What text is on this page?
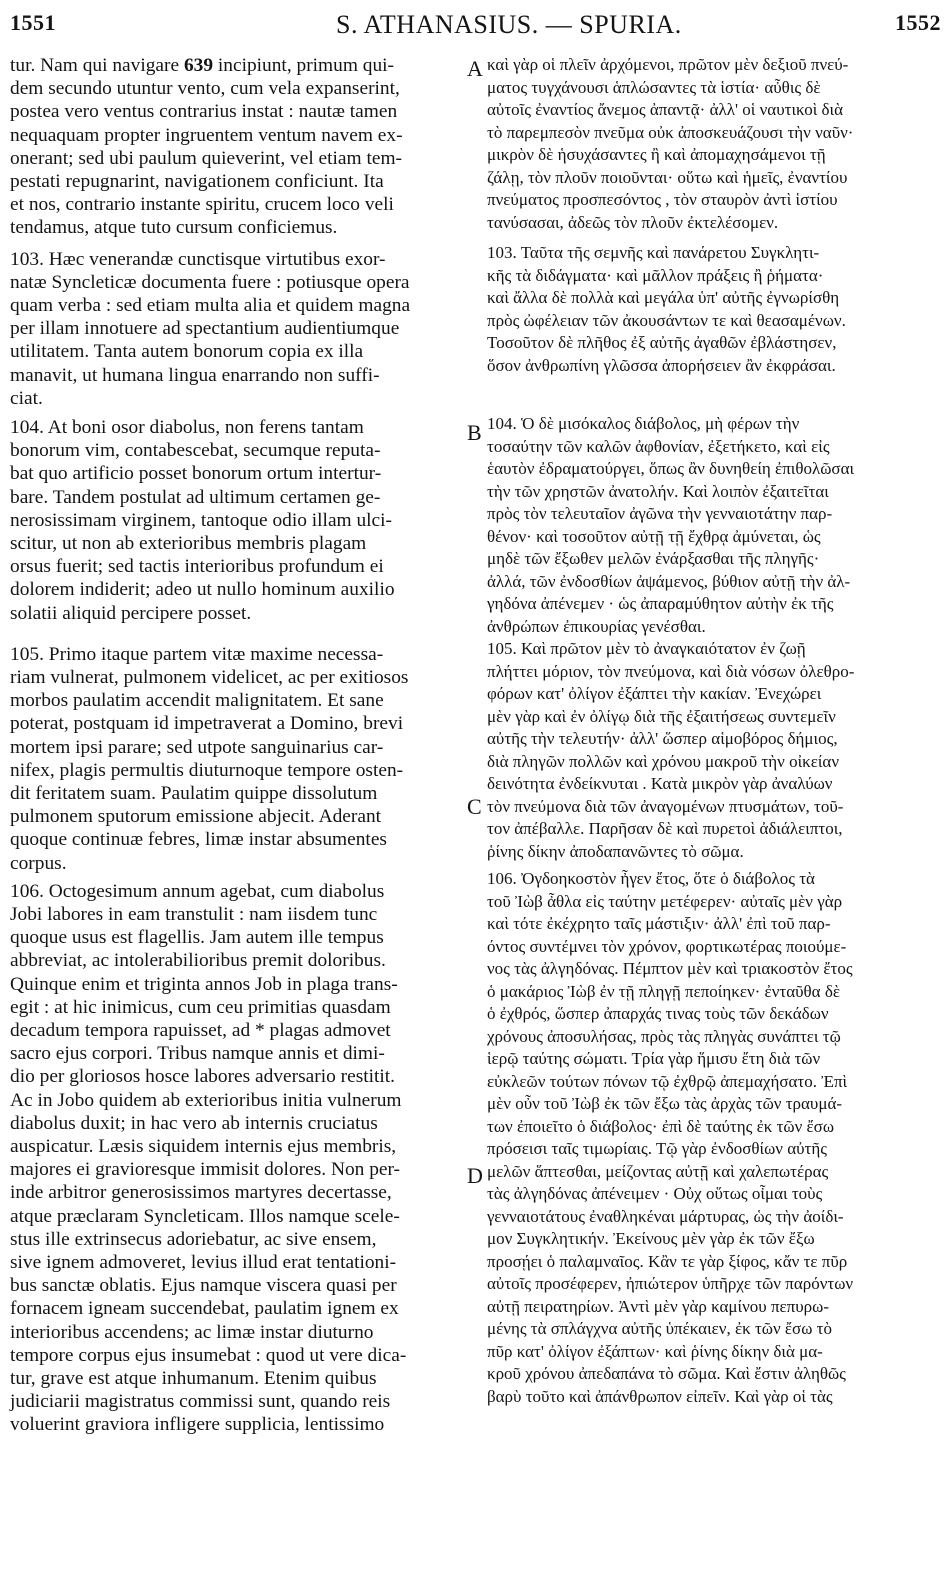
1551	S. ATHANASIUS. — SPURIA.	1552
A
B
C
D
tur. Nam qui navigare 639 incipiunt, primum qui-
dem secundo utuntur vento, cum vela expanserint,
postea vero ventus contrarius instat : nautæ tamen
nequaquam propter ingruentem ventum navem ex-
onerant; sed ubi paulum quieverint, vel etiam tem-
pestati repugnarint, navigationem conficiunt. Ita
et nos, contrario instante spiritu, crucem loco veli
tendamus, atque tuto cursum conficiemus.
103. Hæc venerandæ cunctisque virtutibus exor-
natæ Syncleticæ documenta fuere : potiusque opera
quam verba : sed etiam multa alia et quidem magna
per illam innotuere ad spectantium audientiumque
utilitatem. Tanta autem bonorum copia ex illa
manavit, ut humana lingua enarrando non suffi-
ciat.
104. At boni osor diabolus, non ferens tantam
bonorum vim, contabescebat, secumque reputa-
bat quo artificio posset bonorum ortum intertur-
bare. Tandem postulat ad ultimum certamen ge-
nerosissimam virginem, tantoque odio illam ulci-
scitur, ut non ab exterioribus membris plagam
orsus fuerit; sed tactis interioribus profundum ei
dolorem indiderit; adeo ut nullo hominum auxilio
solatii aliquid percipere posset.
105. Primo itaque partem vitæ maxime necessa-
riam vulnerat, pulmonem videlicet, ac per exitiosos
morbos paulatim accendit malignitatem. Et sane
poterat, postquam id impetraverat a Domino, brevi
mortem ipsi parare; sed utpote sanguinarius car-
nifex, plagis permultis diuturnoque tempore osten-
dit feritatem suam. Paulatim quippe dissolutum
pulmonem sputorum emissione abjecit. Aderant
quoque continuæ febres, limæ instar absumentes
corpus.
106. Octogesimum annum agebat, cum diabolus
Jobi labores in eam transtulit : nam iisdem tunc
quoque usus est flagellis. Jam autem ille tempus
abbreviat, ac intolerabilioribus premit doloribus.
Quinque enim et triginta annos Job in plaga trans-
egit : at hic inimicus, cum ceu primitias quasdam
decadum tempora rapuisset, ad * plagas admovet
sacro ejus corpori. Tribus namque annis et dimi-
dio per gloriosos hosce labores adversario restitit.
Ac in Jobo quidem ab exterioribus initia vulnerum
diabolus duxit; in hac vero ab internis cruciatus
auspicatur. Læsis siquidem internis ejus membris,
majores ei gravioresque immisit dolores. Non per-
inde arbitror generosissimos martyres decertasse,
atque præclaram Syncleticam. Illos namque scele-
stus ille extrinsecus adoriebatur, ac sive ensem,
sive ignem admoveret, levius illud erat tentationi-
bus sanctæ oblatis. Ejus namque viscera quasi per
fornacem igneam succendebat, paulatim ignem ex
interioribus accendens; ac limæ instar diuturno
tempore corpus ejus insumebat : quod ut vere dica-
tur, grave est atque inhumanum. Etenim quibus
judiciarii magistratus commissi sunt, quando reis
voluerint graviora infligere supplicia, lentissimo
καὶ γὰρ οἱ πλεῖν ἀρχόμενοι, πρῶτον μὲν δεξιοῦ πνεύ-
ματος τυγχάνουσι ἁπλώσαντες τὰ ἱστία· αὖθις δὲ
αὐτοῖς ἐναντίος ἄνεμος ἀπαντᾷ· ἀλλ' οἱ ναυτικοὶ διὰ
τὸ παρεμπεσὸν πνεῦμα οὐκ ἀποσκευάζουσι τὴν ναῦν·
μικρὸν δὲ ἡσυχάσαντες ἢ καὶ ἀπομαχησάμενοι τῇ
ζάλῃ, τὸν πλοῦν ποιοῦνται· οὕτω καὶ ἡμεῖς, ἐναντίου
πνεύματος προσπεσόντος , τὸν σταυρὸν ἀντὶ ἱστίου
τανύσασαι, ἀδεῶς τὸν πλοῦν ἐκτελέσομεν.
103. Ταῦτα τῆς σεμνῆς καὶ πανάρετου Συγκλητι-
κῆς τὰ διδάγματα· καὶ μᾶλλον πράξεις ἢ ῥήματα·
καὶ ἄλλα δὲ πολλὰ καὶ μεγάλα ὑπ' αὐτῆς ἐγνωρίσθη
πρὸς ὠφέλειαν τῶν ἀκουσάντων τε καὶ θεασαμένων.
Τοσοῦτον δὲ πλῆθος ἐξ αὐτῆς ἀγαθῶν ἐβλάστησεν,
ὅσον ἀνθρωπίνη γλῶσσα ἀπορήσειεν ἂν ἐκφράσαι.
104. Ὁ δὲ μισόκαλος διάβολος, μὴ φέρων τὴν
τοσαύτην τῶν καλῶν ἀφθονίαν, ἐξετήκετο, καὶ εἰς
ἑαυτὸν ἐδραματούργει, ὅπως ἂν δυνηθείη ἐπιθολῶσαι
τὴν τῶν χρηστῶν ἀνατολήν. Καὶ λοιπὸν ἐξαιτεῖται
πρὸς τὸν τελευταῖον ἀγῶνα τὴν γενναιοτάτην παρ-
θένον· καὶ τοσοῦτον αὐτῇ τῇ ἔχθρᾳ ἀμύνεται, ὡς
μηδὲ τῶν ἔξωθεν μελῶν ἐνάρξασθαι τῆς πληγῆς·
ἀλλά, τῶν ἐνδοσθίων ἀψάμενος, βύθιον αὐτῇ τὴν ἀλ-
γηδόνα ἀπένεμεν · ὡς ἀπαραμύθητον αὐτὴν ἐκ τῆς
ἀνθρώπων ἐπικουρίας γενέσθαι.
105. Καὶ πρῶτον μὲν τὸ ἀναγκαιότατον ἐν ζωῇ
πλήττει μόριον, τὸν πνεύμονα, καὶ διὰ νόσων ὀλεθρο-
φόρων κατ' ὀλίγον ἐξάπτει τὴν κακίαν. Ἐνεχώρει
μὲν γὰρ καὶ ἐν ὀλίγῳ διὰ τῆς ἐξαιτήσεως συντεμεῖν
αὐτῆς τὴν τελευτήν· ἀλλ' ὥσπερ αἱμοβόρος δήμιος,
διὰ πληγῶν πολλῶν καὶ χρόνου μακροῦ τὴν οἰκείαν
δεινότητα ἐνδείκνυται . Κατὰ μικρὸν γὰρ ἀναλύων
τὸν πνεύμονα διὰ τῶν ἀναγομένων πτυσμάτων, τοῦ-
τον ἀπέβαλλε. Παρῆσαν δὲ καὶ πυρετοὶ ἀδιάλειπτοι,
ῥίνης δίκην ἀποδαπανῶντες τὸ σῶμα.
106. Ὀγδοηκοστὸν ἦγεν ἔτος, ὅτε ὁ διάβολος τὰ
τοῦ Ἰὼβ ἆθλα εἰς ταύτην μετέφερεν· αὐταῖς μὲν γὰρ
καὶ τότε ἐκέχρητο ταῖς μάστιξιν· ἀλλ' ἐπὶ τοῦ παρ-
όντος συντέμνει τὸν χρόνον, φορτικωτέρας ποιούμε-
νος τὰς ἀλγηδόνας. Πέμπτον μὲν καὶ τριακοστὸν ἔτος
ὁ μακάριος Ἰὼβ ἐν τῇ πληγῇ πεποίηκεν· ἐνταῦθα δὲ
ὁ ἐχθρός, ὥσπερ ἀπαρχάς τινας τοὺς τῶν δεκάδων
χρόνους ἀποσυλήσας, πρὸς τὰς πληγὰς συνάπτει τῷ
ἱερῷ ταύτης σώματι. Τρία γὰρ ἥμισυ ἔτη διὰ τῶν
εὐκλεῶν τούτων πόνων τῷ ἐχθρῷ ἀπεμαχήσατο. Ἐπὶ
μὲν οὖν τοῦ Ἰὼβ ἐκ τῶν ἔξω τὰς ἀρχὰς τῶν τραυμά-
των ἐποιεῖτο ὁ διάβολος· ἐπὶ δὲ ταύτης ἐκ τῶν ἔσω
πρόσεισι ταῖς τιμωρίαις. Τῷ γὰρ ἐνδοσθίων αὐτῆς
μελῶν ἅπτεσθαι, μείζοντας αὐτῇ καὶ χαλεπωτέρας
τὰς ἀλγηδόνας ἀπένειμεν · Οὐχ οὕτως οἶμαι τοὺς
γενναιοτάτους ἐναθληκέναι μάρτυρας, ὡς τὴν ἀοίδι-
μον Συγκλητικήν. Ἐκείνους μὲν γὰρ ἐκ τῶν ἔξω
προσῄει ὁ παλαμναῖος. Κἂν τε γὰρ ξίφος, κἄν τε πῦρ
αὐτοῖς προσέφερεν, ἠπιώτερον ὑπῆρχε τῶν παρόντων
αὐτῇ πειρατηρίων. Ἀντὶ μὲν γὰρ καμίνου πεπυρω-
μένης τὰ σπλάγχνα αὐτῆς ὑπέκαιεν, ἐκ τῶν ἔσω τὸ
πῦρ κατ' ὀλίγον ἐξάπτων· καὶ ῥίνης δίκην διὰ μα-
κροῦ χρόνου ἀπεδαπάνα τὸ σῶμα. Καὶ ἔστιν ἀληθῶς
βαρὺ τοῦτο καὶ ἀπάνθρωπον εἰπεῖν. Καὶ γὰρ οἱ τὰς
